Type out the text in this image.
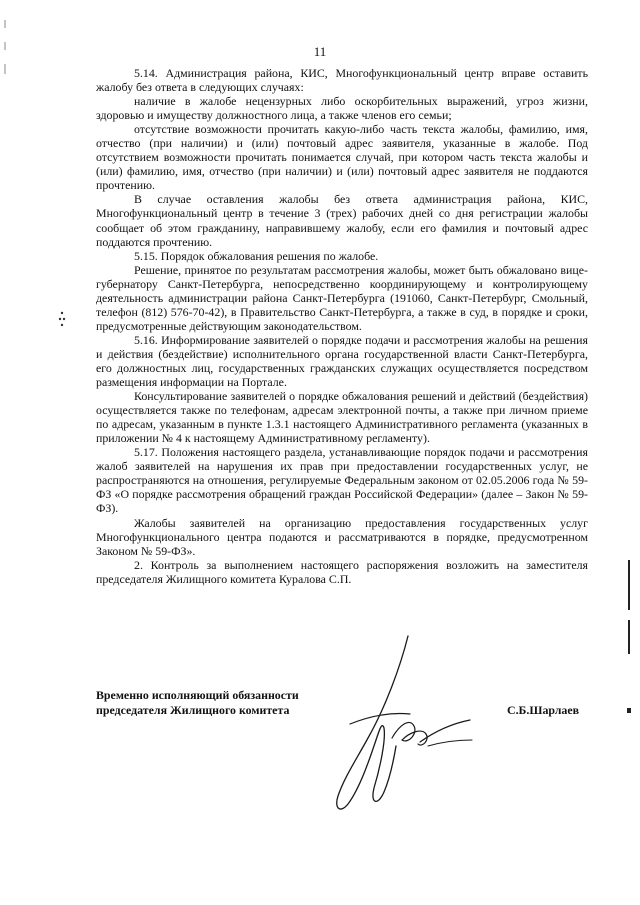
11

5.14. Администрация района, КИС, Многофункциональный центр вправе оставить жалобу без ответа в следующих случаях:

наличие в жалобе нецензурных либо оскорбительных выражений, угроз жизни, здоровью и имуществу должностного лица, а также членов его семьи;

отсутствие возможности прочитать какую-либо часть текста жалобы, фамилию, имя, отчество (при наличии) и (или) почтовый адрес заявителя, указанные в жалобе. Под отсутствием возможности прочитать понимается случай, при котором часть текста жалобы и (или) фамилию, имя, отчество (при наличии) и (или) почтовый адрес заявителя не поддаются прочтению.

В случае оставления жалобы без ответа администрация района, КИС, Многофункциональный центр в течение 3 (трех) рабочих дней со дня регистрации жалобы сообщает об этом гражданину, направившему жалобу, если его фамилия и почтовый адрес поддаются прочтению.

5.15. Порядок обжалования решения по жалобе.

Решение, принятое по результатам рассмотрения жалобы, может быть обжаловано вице-губернатору Санкт-Петербурга, непосредственно координирующему и контролирующему деятельность администрации района Санкт-Петербурга (191060, Санкт-Петербург, Смольный, телефон (812) 576-70-42), в Правительство Санкт-Петербурга, а также в суд, в порядке и сроки, предусмотренные действующим законодательством.

5.16. Информирование заявителей о порядке подачи и рассмотрения жалобы на решения и действия (бездействие) исполнительного органа государственной власти Санкт-Петербурга, его должностных лиц, государственных гражданских служащих осуществляется посредством размещения информации на Портале.

Консультирование заявителей о порядке обжалования решений и действий (бездействия) осуществляется также по телефонам, адресам электронной почты, а также при личном приеме по адресам, указанным в пункте 1.3.1 настоящего Административного регламента (указанных в приложении № 4 к настоящему Административному регламенту).

5.17. Положения настоящего раздела, устанавливающие порядок подачи и рассмотрения жалоб заявителей на нарушения их прав при предоставлении государственных услуг, не распространяются на отношения, регулируемые Федеральным законом от 02.05.2006 года № 59-ФЗ «О порядке рассмотрения обращений граждан Российской Федерации» (далее – Закон № 59-ФЗ).

Жалобы заявителей на организацию предоставления государственных услуг Многофункционального центра подаются и рассматриваются в порядке, предусмотренном Законом № 59-ФЗ».

2. Контроль за выполнением настоящего распоряжения возложить на заместителя председателя Жилищного комитета Куралова С.П.

Временно исполняющий обязанности
председателя Жилищного комитета	С.Б.Шарлаев
